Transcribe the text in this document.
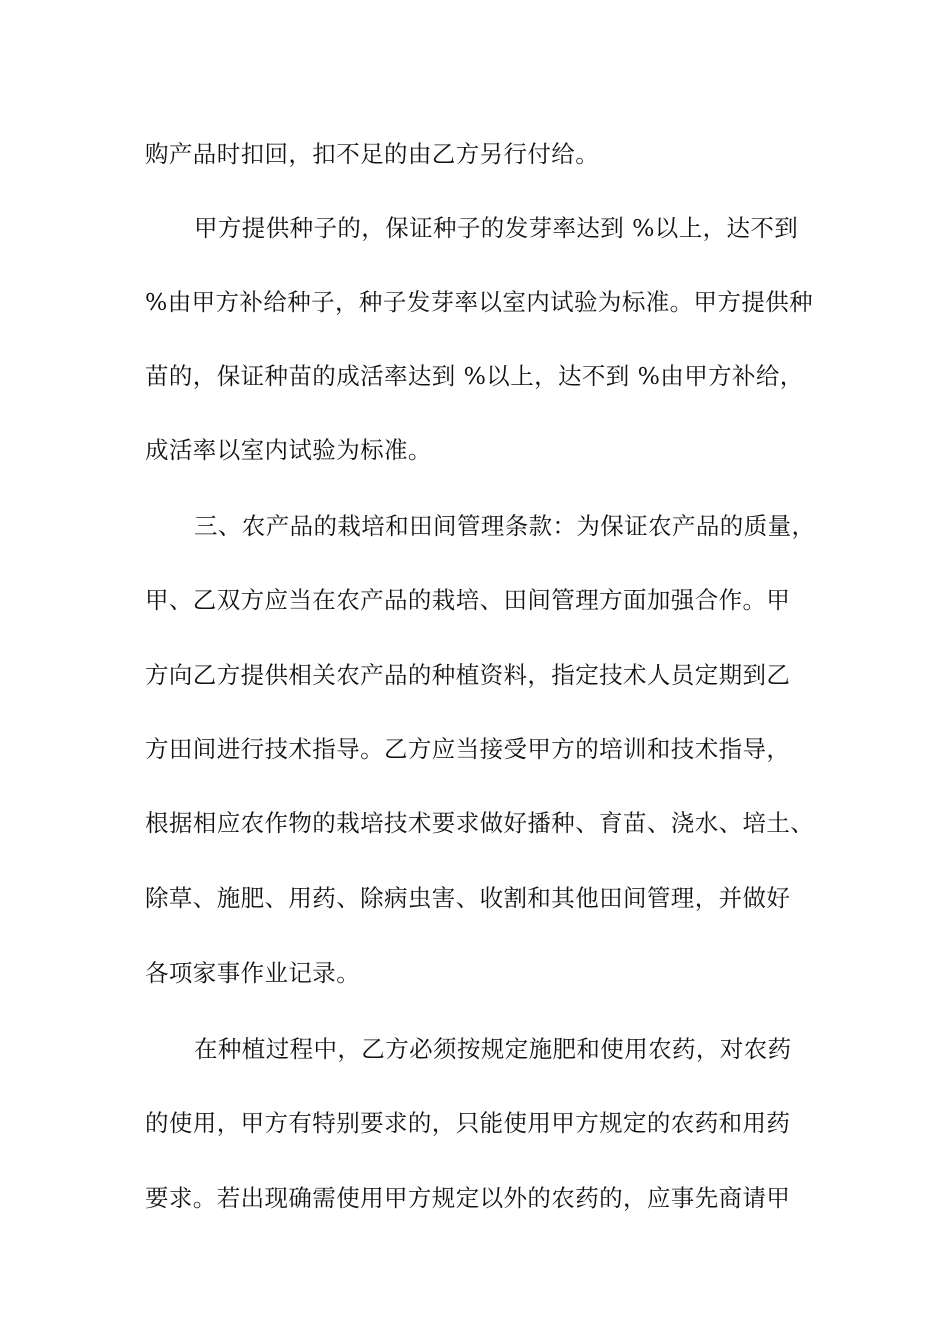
购产品时扣回，扣不足的由乙方另行付给。
甲方提供种子的，保证种子的发芽率达到 %以上，达不到
%由甲方补给种子，种子发芽率以室内试验为标准。甲方提供种
苗的，保证种苗的成活率达到 %以上，达不到 %由甲方补给，
成活率以室内试验为标准。
三、农产品的栽培和田间管理条款：为保证农产品的质量，
甲、乙双方应当在农产品的栽培、田间管理方面加强合作。甲
方向乙方提供相关农产品的种植资料，指定技术人员定期到乙
方田间进行技术指导。乙方应当接受甲方的培训和技术指导，
根据相应农作物的栽培技术要求做好播种、育苗、浇水、培土、
除草、施肥、用药、除病虫害、收割和其他田间管理，并做好
各项家事作业记录。
在种植过程中，乙方必须按规定施肥和使用农药，对农药
的使用，甲方有特别要求的，只能使用甲方规定的农药和用药
要求。若出现确需使用甲方规定以外的农药的，应事先商请甲
